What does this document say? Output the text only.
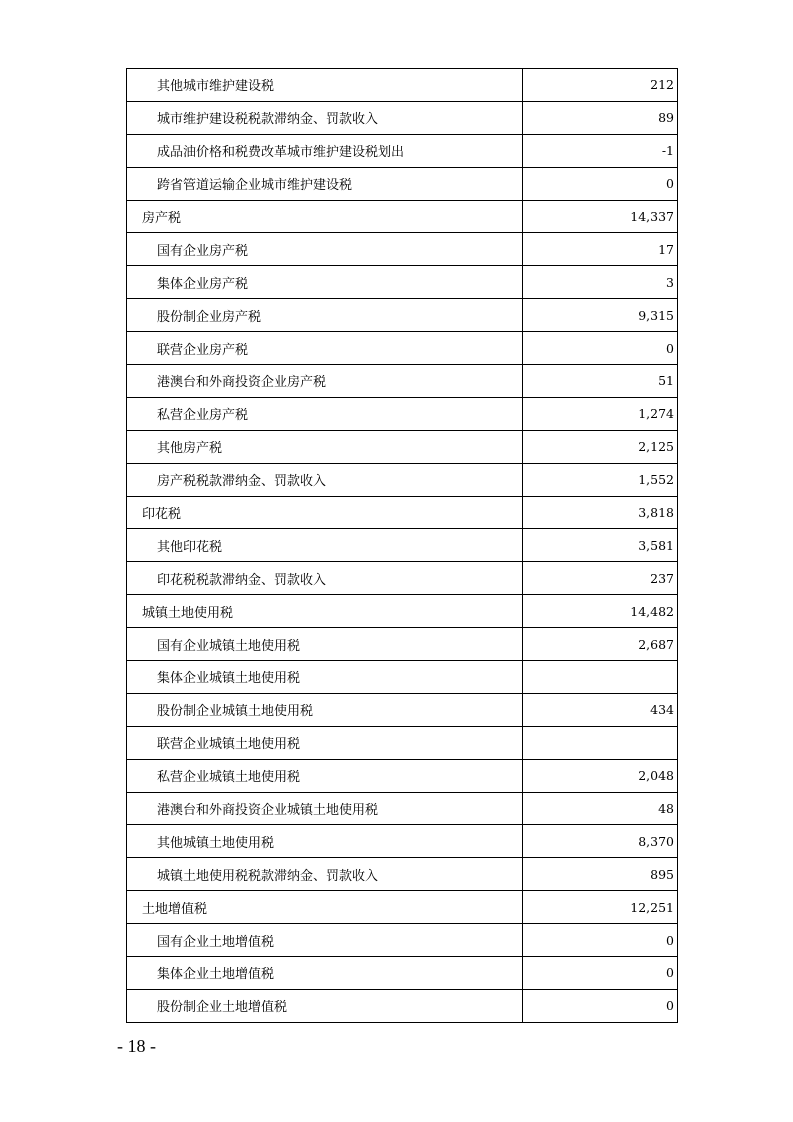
其他城市维护建设税	212
城市维护建设税税款滞纳金、罚款收入	89
成品油价格和税费改革城市维护建设税划出	-1
跨省管道运输企业城市维护建设税	0
房产税	14,337
国有企业房产税	17
集体企业房产税	3
股份制企业房产税	9,315
联营企业房产税	0
港澳台和外商投资企业房产税	51
私营企业房产税	1,274
其他房产税	2,125
房产税税款滞纳金、罚款收入	1,552
印花税	3,818
其他印花税	3,581
印花税税款滞纳金、罚款收入	237
城镇土地使用税	14,482
国有企业城镇土地使用税	2,687
集体企业城镇土地使用税	
股份制企业城镇土地使用税	434
联营企业城镇土地使用税	
私营企业城镇土地使用税	2,048
港澳台和外商投资企业城镇土地使用税	48
其他城镇土地使用税	8,370
城镇土地使用税税款滞纳金、罚款收入	895
土地增值税	12,251
国有企业土地增值税	0
集体企业土地增值税	0
股份制企业土地增值税	0
- 18 -
